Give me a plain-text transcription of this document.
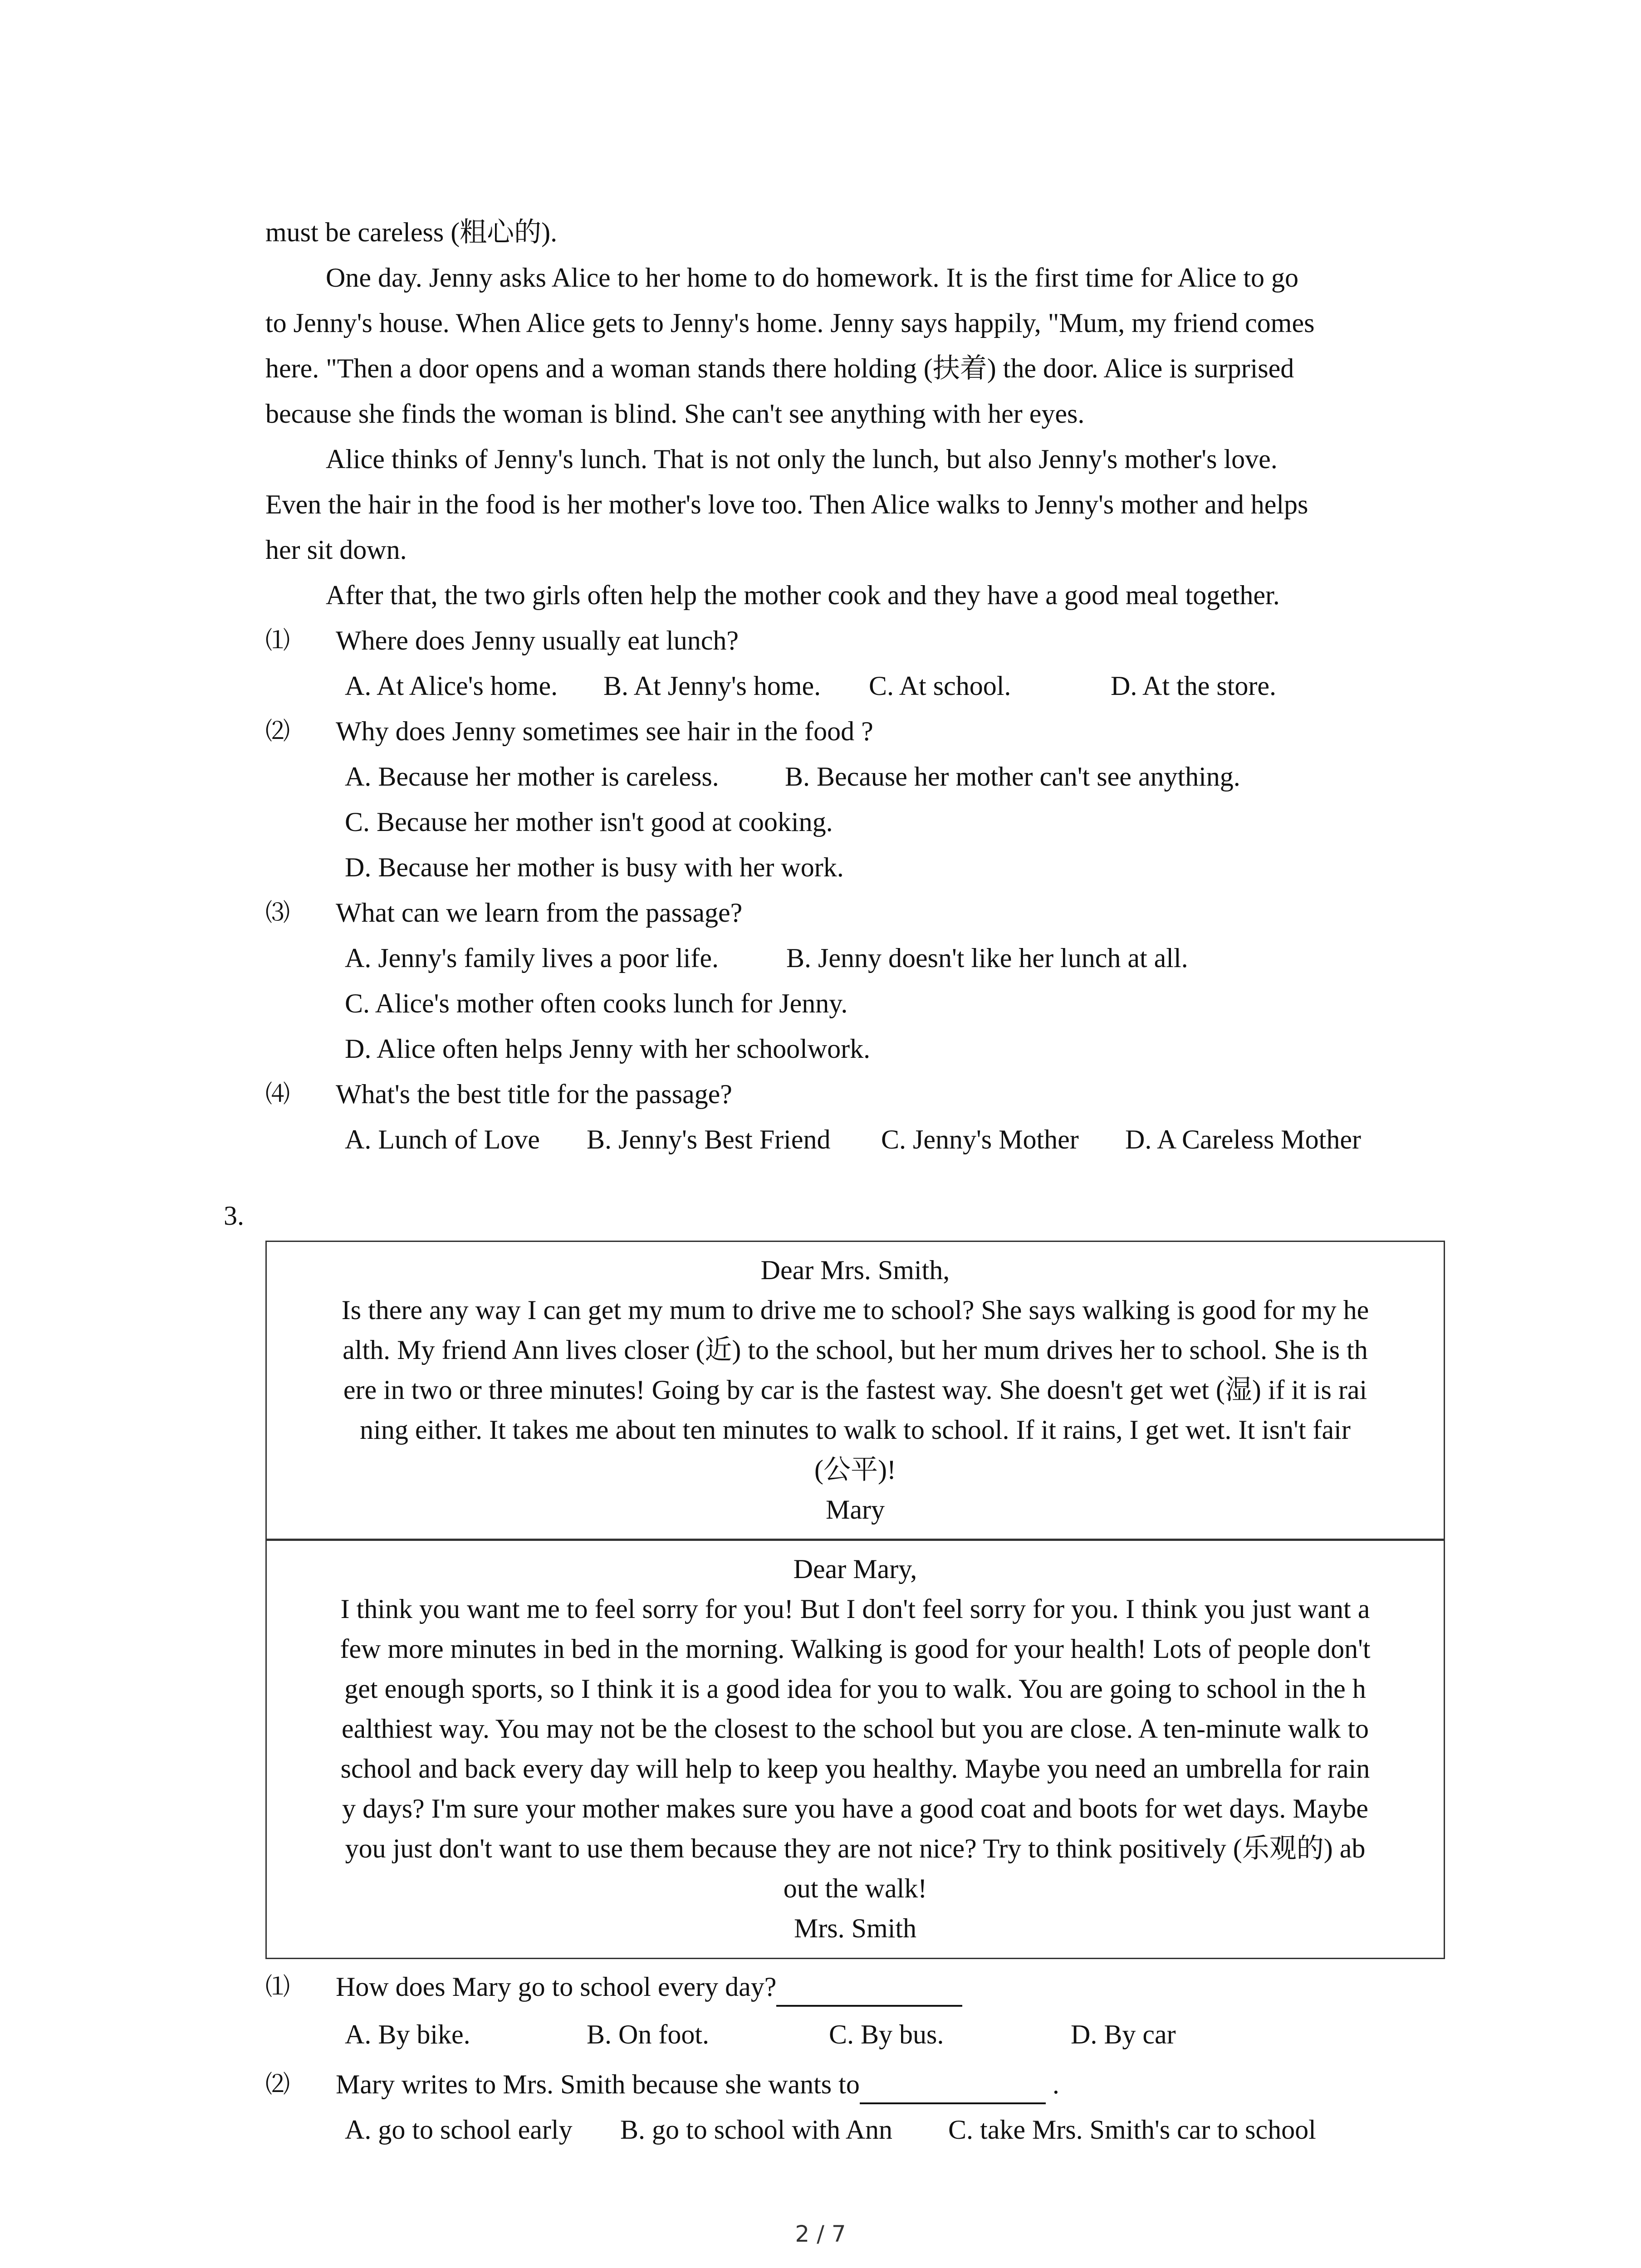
must be careless (粗心的).
One day. Jenny asks Alice to her home to do homework. It is the first time for Alice to go
to Jenny's house. When Alice gets to Jenny's home. Jenny says happily, "Mum, my friend comes
here. "Then a door opens and a woman stands there holding (扶着) the door. Alice is surprised
because she finds the woman is blind. She can't see anything with her eyes.
Alice thinks of Jenny's lunch. That is not only the lunch, but also Jenny's mother's love.
Even the hair in the food is her mother's love too. Then Alice walks to Jenny's mother and helps
her sit down.
After that, the two girls often help the mother cook and they have a good meal together.
⑴ Where does Jenny usually eat lunch?
A. At Alice's home. B. At Jenny's home. C. At school.	D. At the store.
⑵ Why does Jenny sometimes see hair in the food ?
A. Because her mother is careless. B. Because her mother can't see anything.
C. Because her mother isn't good at cooking.
D. Because her mother is busy with her work.
⑶ What can we learn from the passage?
A. Jenny's family lives a poor life. B. Jenny doesn't like her lunch at all.
C. Alice's mother often cooks lunch for Jenny.
D. Alice often helps Jenny with her schoolwork.
⑷ What's the best title for the passage?
A. Lunch of Love B. Jenny's Best Friend C. Jenny's Mother D. A Careless Mother
3.

Dear Mrs. Smith,

Is there any way I can get my mum to drive me to school? She says walking is good for my he

alth. My friend Ann lives closer (近) to the school, but her mum drives her to school. She is th

ere in two or three minutes! Going by car is the fastest way. She doesn't get wet (湿) if it is rai

ning either. It takes me about ten minutes to walk to school. If it rains, I get wet. It isn't fair

(公平)!

Mary

Dear Mary,

I think you want me to feel sorry for you! But I don't feel sorry for you. I think you just want a

few more minutes in bed in the morning. Walking is good for your health! Lots of people don't

get enough sports, so I think it is a good idea for you to walk. You are going to school in the h

ealthiest way. You may not be the closest to the school but you are close. A ten-minute walk to

school and back every day will help to keep you healthy. Maybe you need an umbrella for rain

y days? I'm sure your mother makes sure you have a good coat and boots for wet days. Maybe

you just don't want to use them because they are not nice? Try to think positively (乐观的) ab

out the walk!

Mrs. Smith

⑴ How does Mary go to school every day?
A. By bike.	B. On foot.	C. By bus.	D. By car
⑵ Mary writes to Mrs. Smith because she wants to	.
A. go to school early B. go to school with Ann C. take Mrs. Smith's car to school
2 / 7
